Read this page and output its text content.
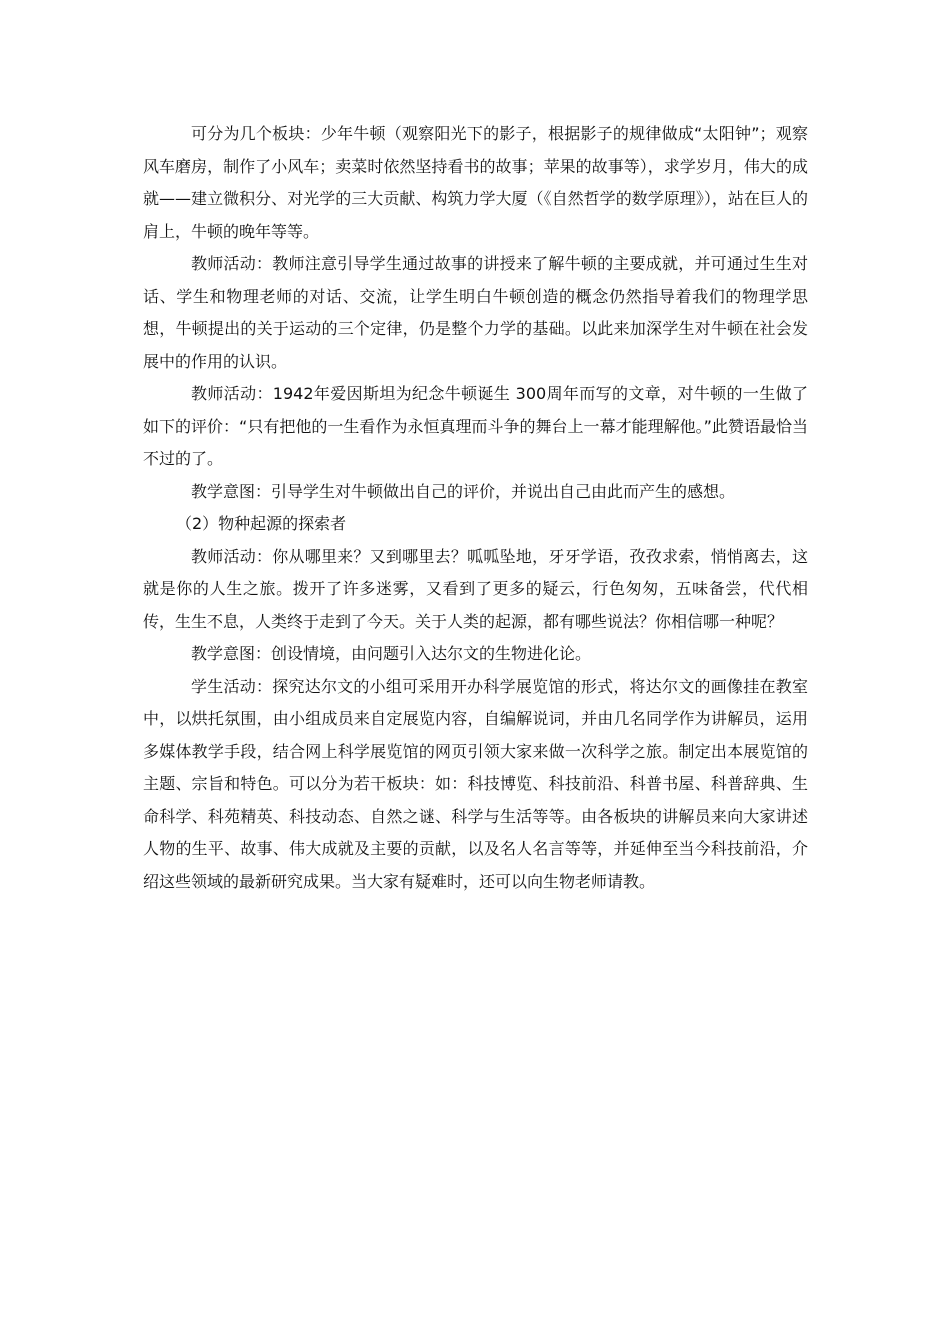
可分为几个板块：少年牛顿（观察阳光下的影子，根据影子的规律做成“太阳钟”；观察风车磨房，制作了小风车；卖菜时依然坚持看书的故事；苹果的故事等），求学岁月，伟大的成就——建立微积分、对光学的三大贡献、构筑力学大厦（《自然哲学的数学原理》），站在巨人的肩上，牛顿的晚年等等。

教师活动：教师注意引导学生通过故事的讲授来了解牛顿的主要成就，并可通过生生对话、学生和物理老师的对话、交流，让学生明白牛顿创造的概念仍然指导着我们的物理学思想，牛顿提出的关于运动的三个定律，仍是整个力学的基础。以此来加深学生对牛顿在社会发展中的作用的认识。

教师活动：1942年爱因斯坦为纪念牛顿诞生 300周年而写的文章，对牛顿的一生做了如下的评价：“只有把他的一生看作为永恒真理而斗争的舞台上一幕才能理解他。”此赞语最恰当不过的了。

教学意图：引导学生对牛顿做出自己的评价，并说出自己由此而产生的感想。

（2）物种起源的探索者

教师活动：你从哪里来？又到哪里去？呱呱坠地，牙牙学语，孜孜求索，悄悄离去，这就是你的人生之旅。拨开了许多迷雾，又看到了更多的疑云，行色匆匆，五味备尝，代代相传，生生不息，人类终于走到了今天。关于人类的起源，都有哪些说法？你相信哪一种呢？

教学意图：创设情境，由问题引入达尔文的生物进化论。

学生活动：探究达尔文的小组可采用开办科学展览馆的形式，将达尔文的画像挂在教室中，以烘托氛围，由小组成员来自定展览内容，自编解说词，并由几名同学作为讲解员，运用多媒体教学手段，结合网上科学展览馆的网页引领大家来做一次科学之旅。制定出本展览馆的主题、宗旨和特色。可以分为若干板块：如：科技博览、科技前沿、科普书屋、科普辞典、生命科学、科苑精英、科技动态、自然之谜、科学与生活等等。由各板块的讲解员来向大家讲述人物的生平、故事、伟大成就及主要的贡献，以及名人名言等等，并延伸至当今科技前沿，介绍这些领域的最新研究成果。当大家有疑难时，还可以向生物老师请教。
